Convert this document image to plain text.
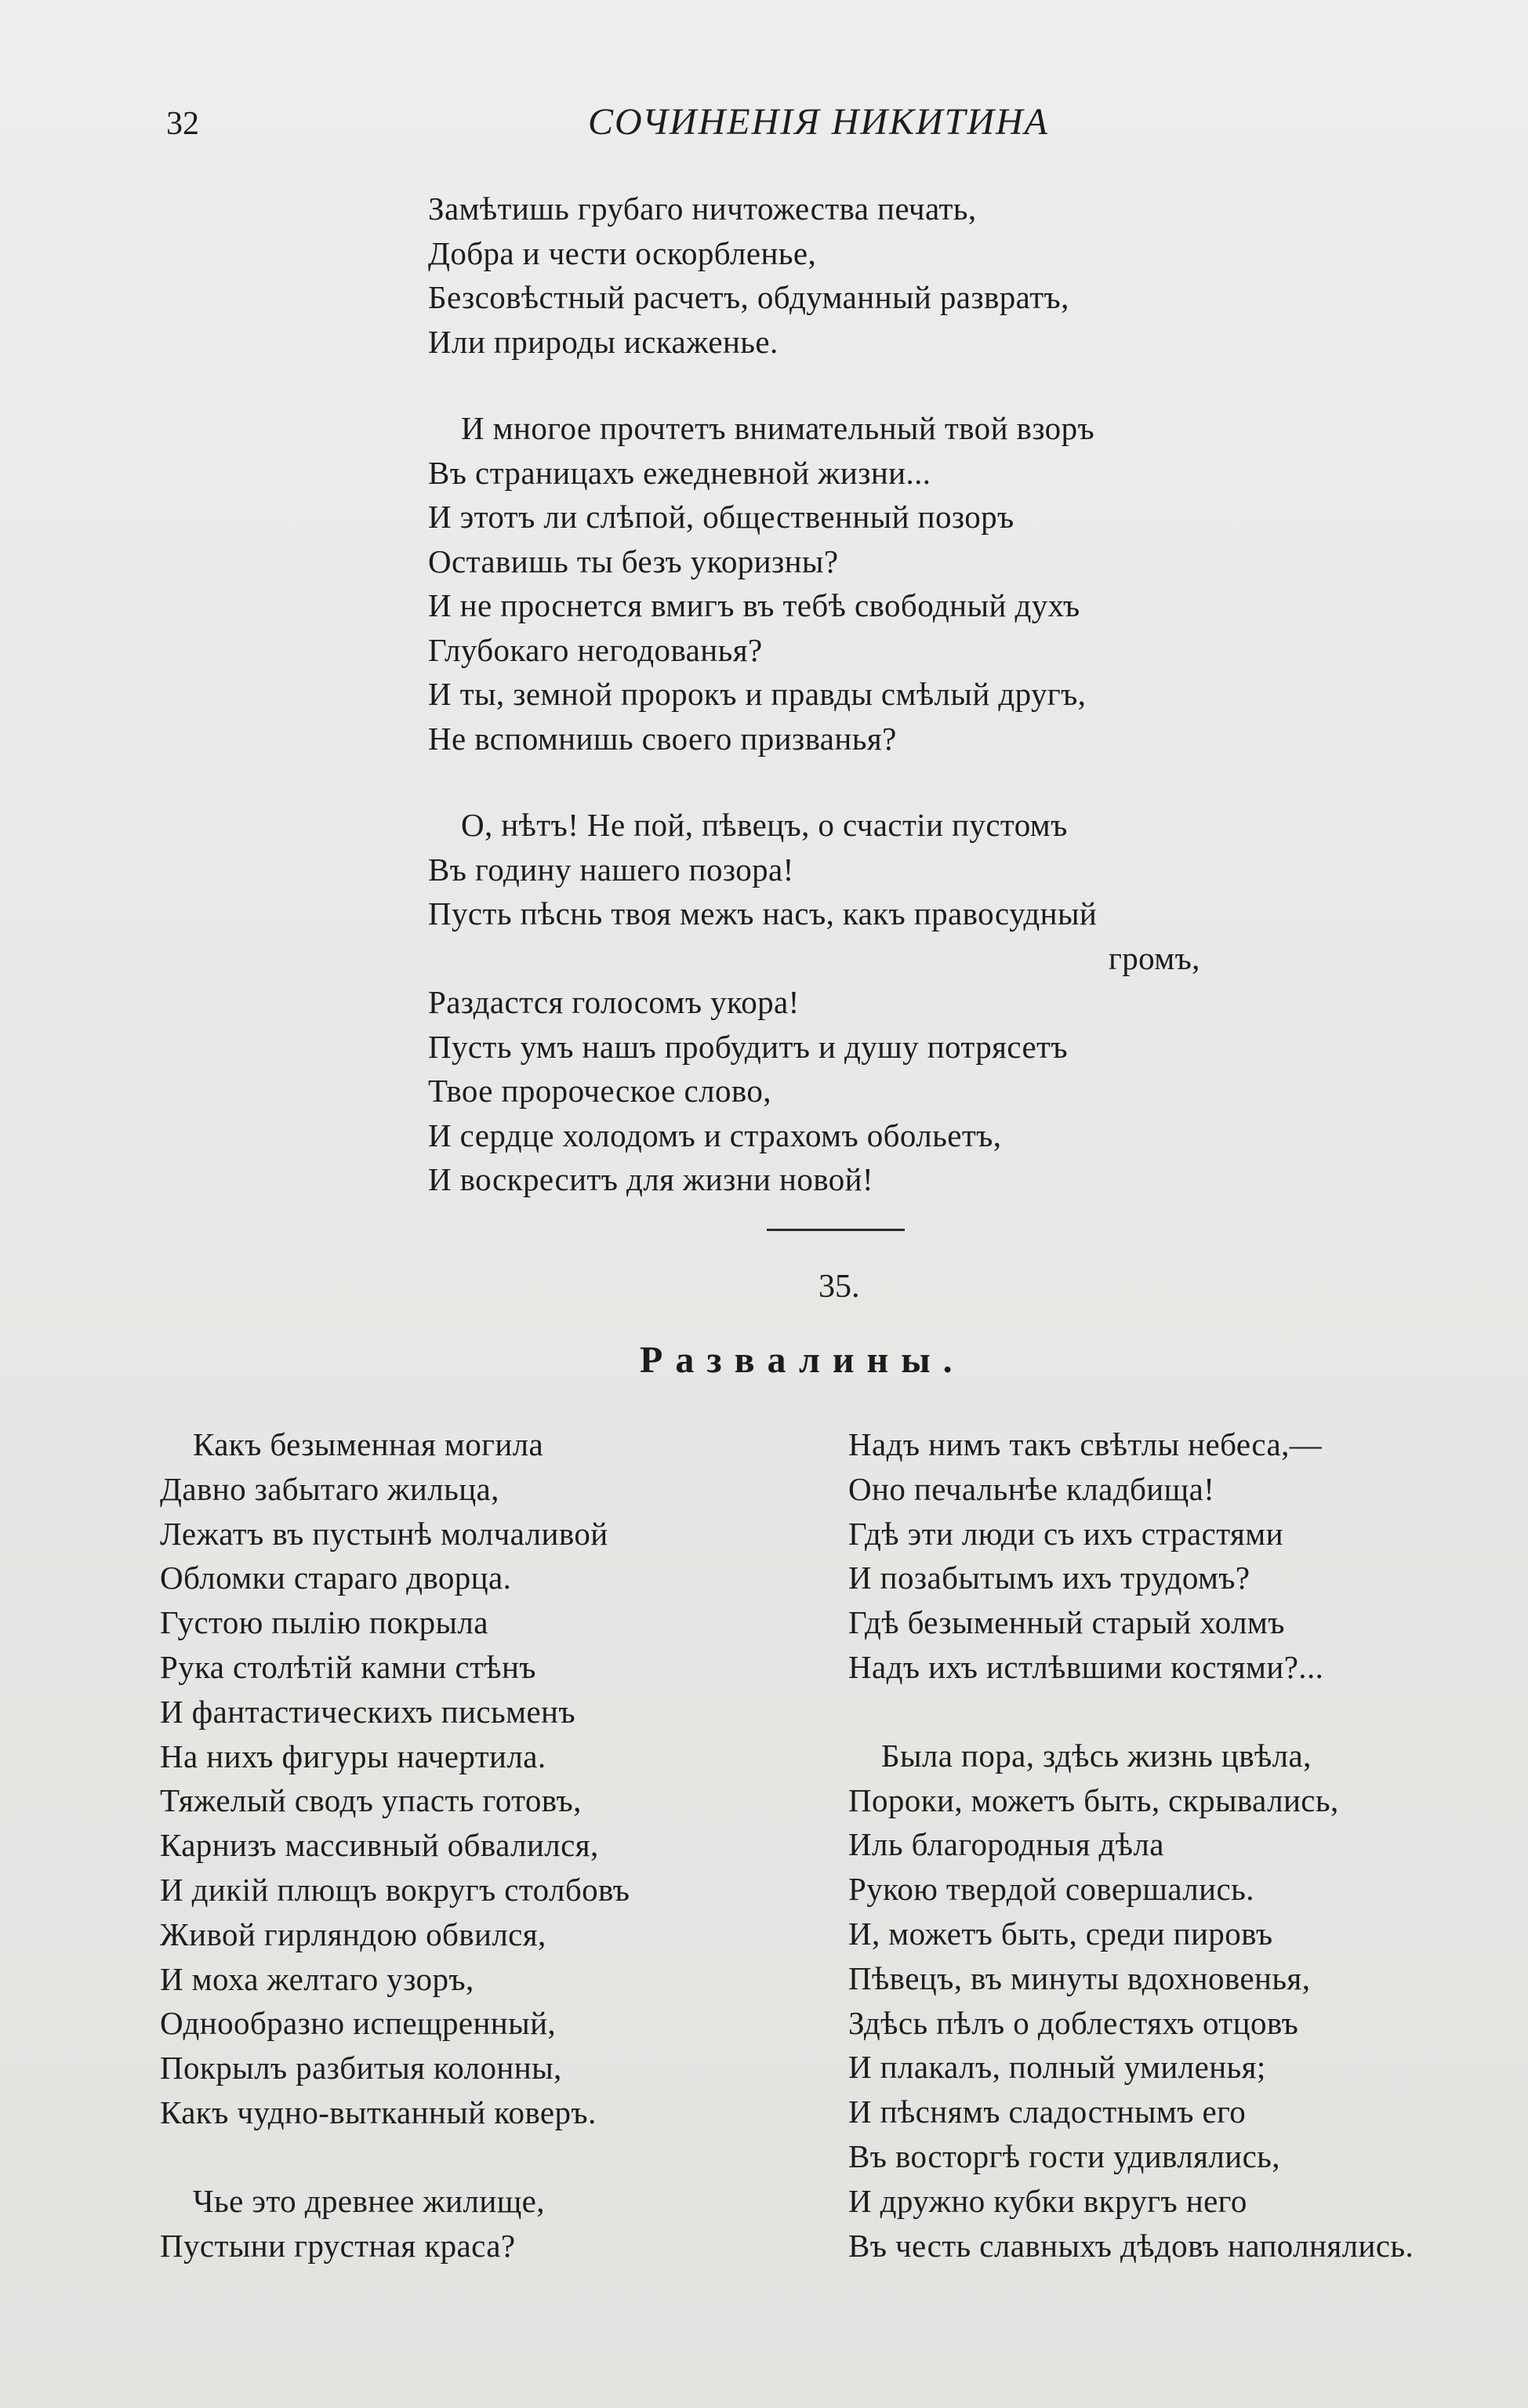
32	СОЧИНЕНІЯ НИКИТИНА
Замѣтишь грубаго ничтожества печать,
Добра и чести оскорбленье,
Безсовѣстный расчетъ, обдуманный развратъ,
Или природы искаженье.
И многое прочтетъ внимательный твой взоръ
Въ страницахъ ежедневной жизни...
И этотъ ли слѣпой, общественный позоръ
Оставишь ты безъ укоризны?
И не проснется вмигъ въ тебѣ свободный духъ
Глубокаго негодованья?
И ты, земной пророкъ и правды смѣлый другъ,
Не вспомнишь своего призванья?
О, нѣтъ! Не пой, пѣвецъ, о счастіи пустомъ
Въ годину нашего позора!
Пусть пѣснь твоя межъ насъ, какъ правосудный
громъ,
Раздастся голосомъ укора!
Пусть умъ нашъ пробудитъ и душу потрясетъ
Твое пророческое слово,
И сердце холодомъ и страхомъ обольетъ,
И воскреситъ для жизни новой!
35.
Развалины.
Какъ безыменная могила
Давно забытаго жильца,
Лежатъ въ пустынѣ молчаливой
Обломки стараго дворца.
Густою пылію покрыла
Рука столѣтій камни стѣнъ
И фантастическихъ письменъ
На нихъ фигуры начертила.
Тяжелый сводъ упасть готовъ,
Карнизъ массивный обвалился,
И дикій плющъ вокругъ столбовъ
Живой гирляндою обвился,
И моха желтаго узоръ,
Однообразно испещренный,
Покрылъ разбитыя колонны,
Какъ чудно-вытканный коверъ.
Чье это древнее жилище,
Пустыни грустная краса?
Надъ нимъ такъ свѣтлы небеса,—
Оно печальнѣе кладбища!
Гдѣ эти люди съ ихъ страстями
И позабытымъ ихъ трудомъ?
Гдѣ безыменный старый холмъ
Надъ ихъ истлѣвшими костями?...
Была пора, здѣсь жизнь цвѣла,
Пороки, можетъ быть, скрывались,
Иль благородныя дѣла
Рукою твердой совершались.
И, можетъ быть, среди пировъ
Пѣвецъ, въ минуты вдохновенья,
Здѣсь пѣлъ о доблестяхъ отцовъ
И плакалъ, полный умиленья;
И пѣснямъ сладостнымъ его
Въ восторгѣ гости удивлялись,
И дружно кубки вкругъ него
Въ честь славныхъ дѣдовъ наполнялись.
